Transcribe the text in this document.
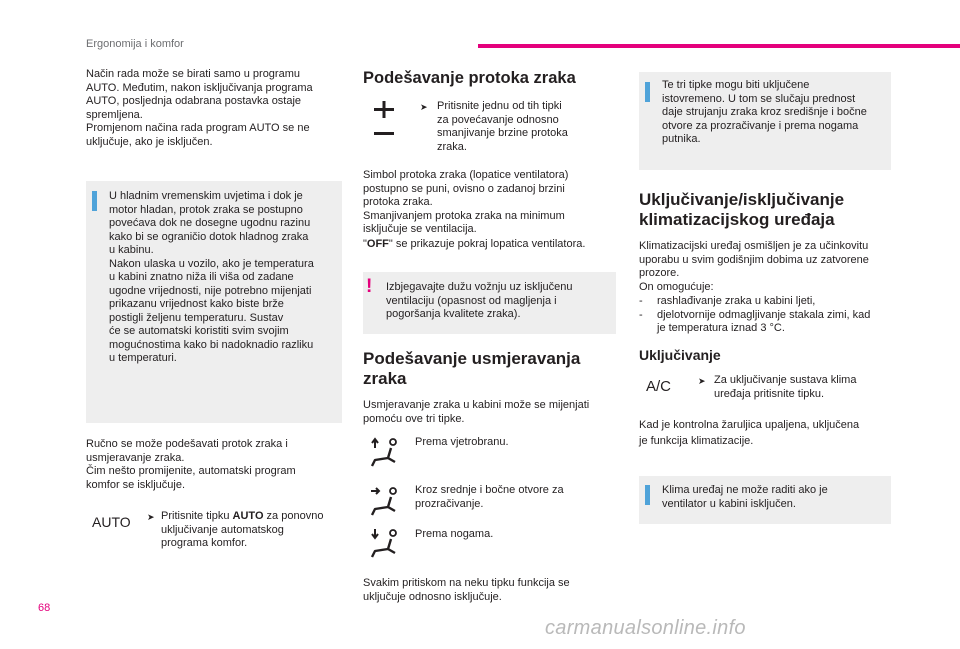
Ergonomija i komfor
Način rada može se birati samo u programu
AUTO. Međutim, nakon isključivanja programa
AUTO, posljednja odabrana postavka ostaje
spremljena.
Promjenom načina rada program AUTO se ne
uključuje, ako je isključen.
U hladnim vremenskim uvjetima i dok je
motor hladan, protok zraka se postupno
povećava dok ne dosegne ugodnu razinu
kako bi se ograničio dotok hladnog zraka
u kabinu.
Nakon ulaska u vozilo, ako je temperatura
u kabini znatno niža ili viša od zadane
ugodne vrijednosti, nije potrebno mijenjati
prikazanu vrijednost kako biste brže
postigli željenu temperaturu. Sustav
će se automatski koristiti svim svojim
mogućnostima kako bi nadoknadio razliku
u temperaturi.
Ručno se može podešavati protok zraka i
usmjeravanje zraka.
Čim nešto promijenite, automatski program
komfor se isključuje.
AUTO ➤ Pritisnite tipku AUTO za ponovno
uključivanje automatskog
programa komfor.
Podešavanje protoka zraka
➤ Pritisnite jednu od tih tipki
za povećavanje odnosno
smanjivanje brzine protoka
zraka.
Simbol protoka zraka (lopatice ventilatora)
postupno se puni, ovisno o zadanoj brzini
protoka zraka.
Smanjivanjem protoka zraka na minimum
isključuje se ventilacija.
"OFF" se prikazuje pokraj lopatica ventilatora.
! Izbjegavajte dužu vožnju uz isključenu
ventilaciju (opasnost od magljenja i
pogoršanja kvalitete zraka).
Podešavanje usmjeravanja
zraka
Usmjeravanje zraka u kabini može se mijenjati
pomoću ove tri tipke.
Prema vjetrobranu.
Kroz srednje i bočne otvore za
prozračivanje.
Prema nogama.
Svakim pritiskom na neku tipku funkcija se
uključuje odnosno isključuje.
Te tri tipke mogu biti uključene
istovremeno. U tom se slučaju prednost
daje strujanju zraka kroz središnje i bočne
otvore za prozračivanje i prema nogama
putnika.
Uključivanje/isključivanje
klimatizacijskog uređaja
Klimatizacijski uređaj osmišljen je za učinkovitu
uporabu u svim godišnjim dobima uz zatvorene
prozore.
On omogućuje:
- rashlađivanje zraka u kabini ljeti,
- djelotvornije odmagljivanje stakala zimi, kad
je temperatura iznad 3 °C.
Uključivanje
A/C	➤ Za uključivanje sustava klima
uređaja pritisnite tipku.
Kad je kontrolna žaruljica upaljena, uključena
je funkcija klimatizacije.
Klima uređaj ne može raditi ako je
ventilator u kabini isključen.
68
carmanualsonline.info
